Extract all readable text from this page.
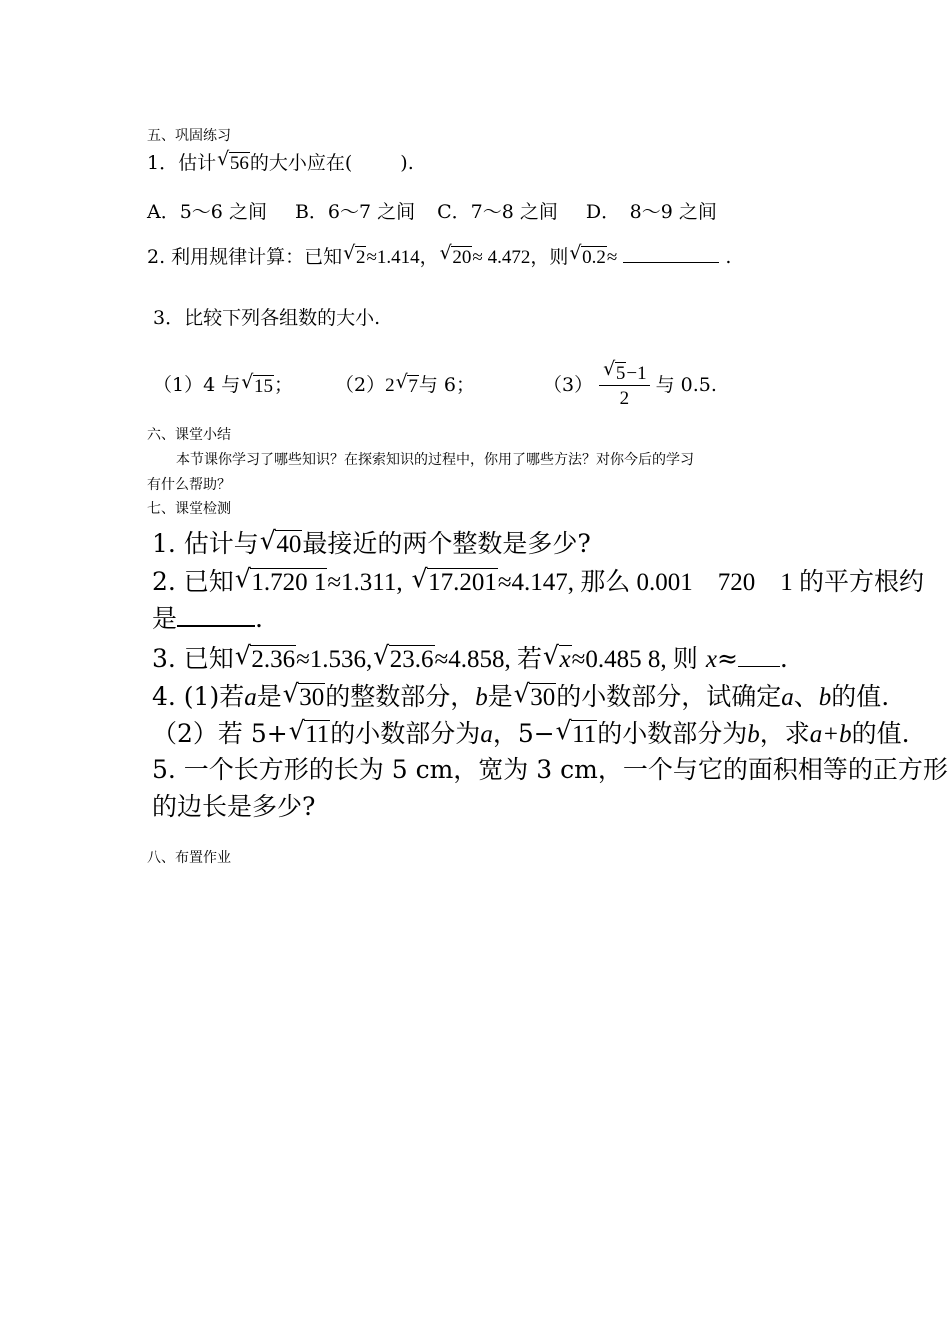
五、巩固练习
1．估计 √ 56的大小应在(	).
A．5～6 之间 B．6～7 之间 C．7～8 之间 D．　8～9 之间
2. 利用规律计算：已知 √ 2≈1.414， √ 20≈ 4.472，则 √ 0.2≈	.
3．比较下列各组数的大小.
（1）4 与 √ 15 ； （2） 2 √ 7 与 6；	（3） √ $\frac{5-1}{2}$ 与 0.5.
六、课堂小结
本节课你学习了哪些知识？在探索知识的过程中，你用了哪些方法？对你今后的学习
有什么帮助？
七、课堂检测
1. 估计与 √ 40最接近的两个整数是多少?
2. 已知 √ 1.720 1≈1.311, √ 17.201≈4.147, 那么 0.001　720　1 的平方根约
是	.
3. 已知 √ 2.36≈1.536, √ 23.6≈4.858, 若 √ x≈0.485 8, 则 x≈ .
4. (1)若a是 √ 30的整数部分，b是 √ 30的小数部分，试确定a、b的值.
（2）若 5+ √ 11的小数部分为a，5− √ 11的小数部分为b，求a+b的值.
5. 一个长方形的长为 5 cm，宽为 3 cm，一个与它的面积相等的正方形
的边长是多少?
八、布置作业
